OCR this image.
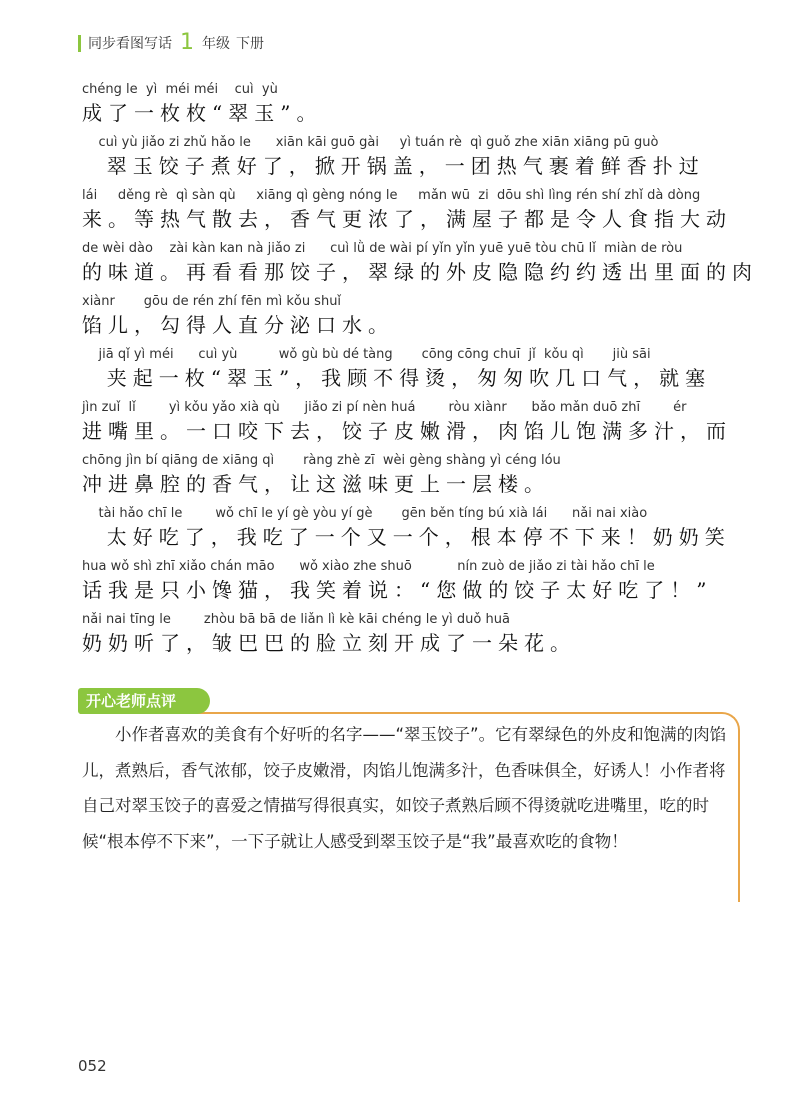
同步看图写话 1 年级 下册
chéng le  yì  méi méi    cuì  yù
成了一枚枚“翠玉”。
cuì yù jiǎo zi zhǔ hǎo le      xiān kāi guō gài     yì tuán rè  qì guǒ zhe xiān xiāng pū guò
翠玉饺子煮好了，掀开锅盖，一团热气裹着鲜香扑过
lái     děng rè  qì sàn qù     xiāng qì gèng nóng le     mǎn wū  zi  dōu shì lìng rén shí zhǐ dà dòng
来。等热气散去，香气更浓了，满屋子都是令人食指大动
de wèi dào    zài kàn kan nà jiǎo zi      cuì lǜ de wài pí yǐn yǐn yuē yuē tòu chū lǐ  miàn de ròu
的味道。再看看那饺子，翠绿的外皮隐隐约约透出里面的肉
xiànr       gōu de rén zhí fēn mì kǒu shuǐ
馅儿，勾得人直分泌口水。
jiā qǐ yì méi      cuì yù          wǒ gù bù dé tàng       cōng cōng chuī  jǐ  kǒu qì       jiù sāi
夹起一枚“翠玉”，我顾不得烫，匆匆吹几口气，就塞
jìn zuǐ  lǐ        yì kǒu yǎo xià qù      jiǎo zi pí nèn huá        ròu xiànr      bǎo mǎn duō zhī        ér
进嘴里。一口咬下去，饺子皮嫩滑，肉馅儿饱满多汁，而
chōng jìn bí qiāng de xiāng qì       ràng zhè zī  wèi gèng shàng yì céng lóu
冲进鼻腔的香气，让这滋味更上一层楼。
tài hǎo chī le        wǒ chī le yí gè yòu yí gè       gēn běn tíng bú xià lái      nǎi nai xiào
太好吃了，我吃了一个又一个，根本停不下来！奶奶笑
hua wǒ shì zhī xiǎo chán māo      wǒ xiào zhe shuō           nín zuò de jiǎo zi tài hǎo chī le
话我是只小馋猫，我笑着说：“您做的饺子太好吃了！”
nǎi nai tīng le        zhòu bā bā de liǎn lì kè kāi chéng le yì duǒ huā
奶奶听了，皱巴巴的脸立刻开成了一朵花。
开心老师点评

小作者喜欢的美食有个好听的名字——“翠玉饺子”。它有翠绿色的外皮和饱满的肉馅儿，煮熟后，香气浓郁，饺子皮嫩滑，肉馅儿饱满多汁，色香味俱全，好诱人！小作者将自己对翠玉饺子的喜爱之情描写得很真实，如饺子煮熟后顾不得烫就吃进嘴里，吃的时候“根本停不下来”，一下子就让人感受到翠玉饺子是“我”最喜欢吃的食物！

052
